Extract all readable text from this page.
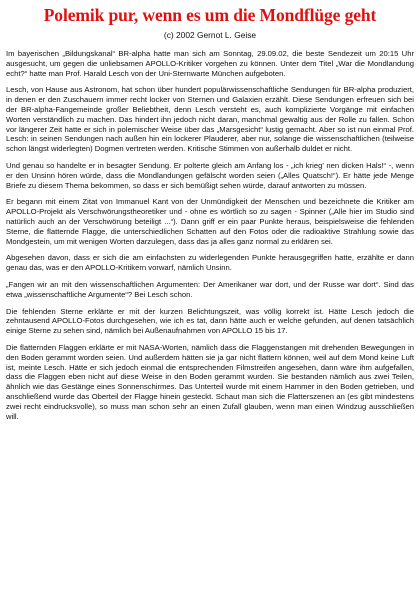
Polemik pur, wenn es um die Mondflüge geht
(c) 2002 Gernot L. Geise

Im bayerischen „Bildungskanal“ BR-alpha hatte man sich am Sonntag, 29.09.02, die beste Sendezeit um 20:15 Uhr ausgesucht, um gegen die unliebsamen APOLLO-Kritiker vorgehen zu können. Unter dem Titel „War die Mondlandung echt?“ hatte man Prof. Harald Lesch von der Uni-Sternwarte München aufgeboten.

Lesch, von Hause aus Astronom, hat schon über hundert populärwissenschaftliche Sendungen für BR-alpha produziert, in denen er den Zuschauern immer recht locker von Sternen und Galaxien erzählt. Diese Sendungen erfreuen sich bei der BR-alpha-Fangemeinde großer Beliebtheit, denn Lesch versteht es, auch komplizierte Vorgänge mit einfachen Worten verständlich zu machen. Das hindert ihn jedoch nicht daran, manchmal gewaltig aus der Rolle zu fallen. Schon vor längerer Zeit hatte er sich in polemischer Weise über das „Marsgesicht“ lustig gemacht. Aber so ist nun einmal Prof. Lesch: in seinen Sendungen nach außen hin ein lockerer Plauderer, aber nur, solange die wissenschaftlichen (teilweise schon längst widerlegten) Dogmen vertreten werden. Kritische Stimmen von außerhalb duldet er nicht.

Und genau so handelte er in besagter Sendung. Er polterte gleich am Anfang los - „ich krieg' nen dicken Hals!“ -, wenn er den Unsinn hören würde, dass die Mondlandungen gefälscht worden seien („Alles Quatsch!“). Er hätte jede Menge Briefe zu diesem Thema bekommen, so dass er sich bemüßigt sehen würde, darauf antworten zu müssen.

Er begann mit einem Zitat von Immanuel Kant von der Unmündigkeit der Menschen und bezeichnete die Kritiker am APOLLO-Projekt als Verschwörungstheoretiker und - ohne es wörtlich so zu sagen - Spinner („Alle hier im Studio sind natürlich auch an der Verschwörung beteiligt ...“). Dann griff er ein paar Punkte heraus, beispielsweise die fehlenden Sterne, die flatternde Flagge, die unterschiedlichen Schatten auf den Fotos oder die radioaktive Strahlung sowie das Mondgestein, um mit wenigen Worten darzulegen, dass das ja alles ganz normal zu erklären sei.

Abgesehen davon, dass er sich die am einfachsten zu widerlegenden Punkte herausgegriffen hatte, erzählte er dann genau das, was er den APOLLO-Kritikern vorwarf, nämlich Unsinn.

„Fangen wir an mit den wissenschaftlichen Argumenten: Der Amerikaner war dort, und der Russe war dort“. Sind das etwa „wissenschaftliche Argumente“? Bei Lesch schon.

Die fehlenden Sterne erklärte er mit der kurzen Belichtungszeit, was völlig korrekt ist. Hätte Lesch jedoch die zehntausend APOLLO-Fotos durchgesehen, wie ich es tat, dann hätte auch er welche gefunden, auf denen tatsächlich einige Sterne zu sehen sind, nämlich bei Außenaufnahmen von APOLLO 15 bis 17.

Die flatternden Flaggen erklärte er mit NASA-Worten, nämlich dass die Flaggenstangen mit drehenden Bewegungen in den Boden gerammt worden seien. Und außerdem hätten sie ja gar nicht flattern können, weil auf dem Mond keine Luft ist, meinte Lesch. Hätte er sich jedoch einmal die entsprechenden Filmstreifen angesehen, dann wäre ihm aufgefallen, dass die Flaggen eben nicht auf diese Weise in den Boden gerammt wurden. Sie bestanden nämlich aus zwei Teilen, ähnlich wie das Gestänge eines Sonnenschirmes. Das Unterteil wurde mit einem Hammer in den Boden getrieben, und anschließend wurde das Oberteil der Flagge hinein gesteckt. Schaut man sich die Flatterszenen an (es gibt mindestens zwei recht eindrucksvolle), so muss man schon sehr an einen Zufall glauben, wenn man einen Windzug ausschließen will.
